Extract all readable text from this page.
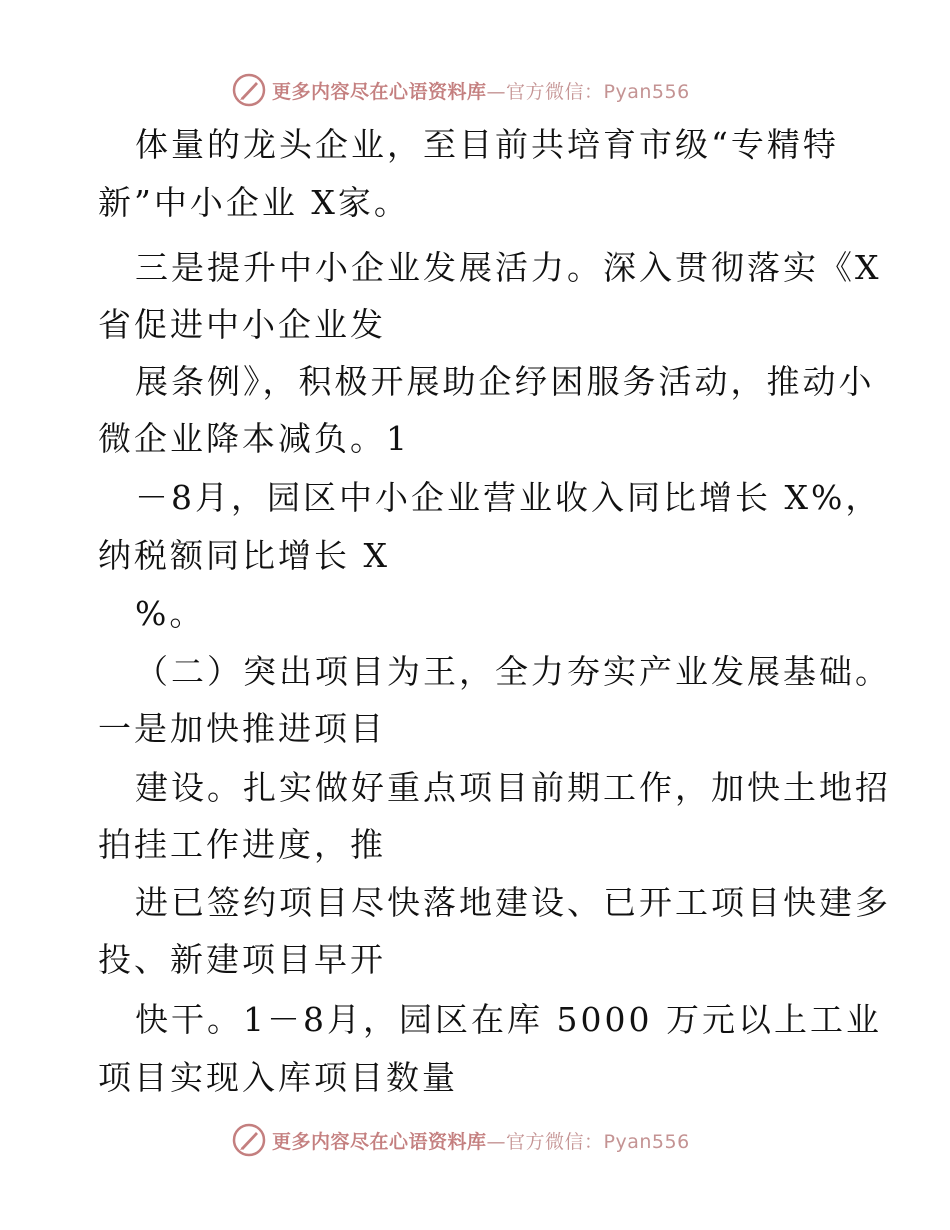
更多内容尽在心语资料库—官方微信：Pyan556
体量的龙头企业，至目前共培育市级“专精特
新”中小企业 X家。
三是提升中小企业发展活力。深入贯彻落实《X
省促进中小企业发
展条例》，积极开展助企纾困服务活动，推动小
微企业降本减负。1
－8月，园区中小企业营业收入同比增长 X%，
纳税额同比增长 X
%。
（二）突出项目为王，全力夯实产业发展基础。
一是加快推进项目
建设。扎实做好重点项目前期工作，加快土地招
拍挂工作进度，推
进已签约项目尽快落地建设、已开工项目快建多
投、新建项目早开
快干。1－8月，园区在库 5000 万元以上工业
项目实现入库项目数量
更多内容尽在心语资料库—官方微信：Pyan556
